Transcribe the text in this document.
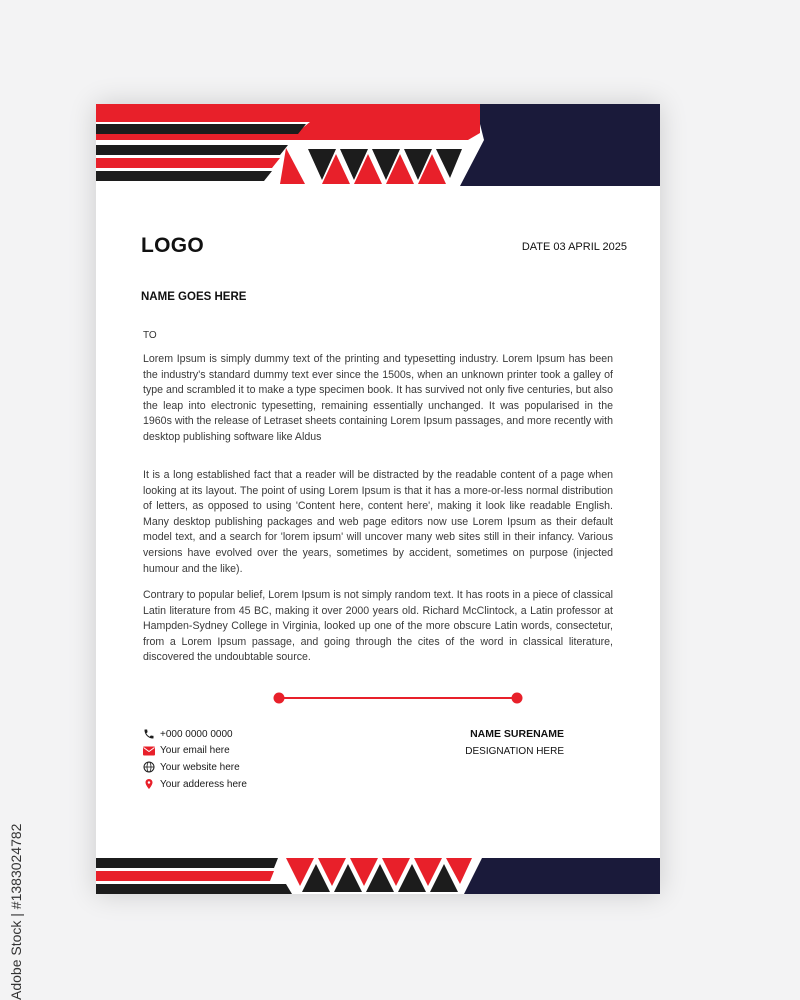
LOGO	DATE 03 APRIL 2025
NAME GOES HERE
TO

Lorem Ipsum is simply dummy text of the printing and typesetting industry. Lorem Ipsum has been the industry's standard dummy text ever since the 1500s, when an unknown printer took a galley of type and scrambled it to make a type specimen book. It has survived not only five centuries, but also the leap into electronic typesetting, remaining essentially unchanged. It was popularised in the 1960s with the release of Letraset sheets containing Lorem Ipsum passages, and more recently with desktop publishing software like Aldus

It is a long established fact that a reader will be distracted by the readable content of a page when looking at its layout. The point of using Lorem Ipsum is that it has a more-or-less normal distribution of letters, as opposed to using 'Content here, content here', making it look like readable English. Many desktop publishing packages and web page editors now use Lorem Ipsum as their default model text, and a search for 'lorem ipsum' will uncover many web sites still in their infancy. Various versions have evolved over the years, sometimes by accident, sometimes on purpose (injected humour and the like).

Contrary to popular belief, Lorem Ipsum is not simply random text. It has roots in a piece of classical Latin literature from 45 BC, making it over 2000 years old. Richard McClintock, a Latin professor at Hampden-Sydney College in Virginia, looked up one of the more obscure Latin words, consectetur, from a Lorem Ipsum passage, and going through the cites of the word in classical literature, discovered the undoubtable source.

+000 0000 0000
Your email here
Your website here
Your adderess here
NAME SURENAME
DESIGNATION HERE
Adobe Stock | #1383024782
